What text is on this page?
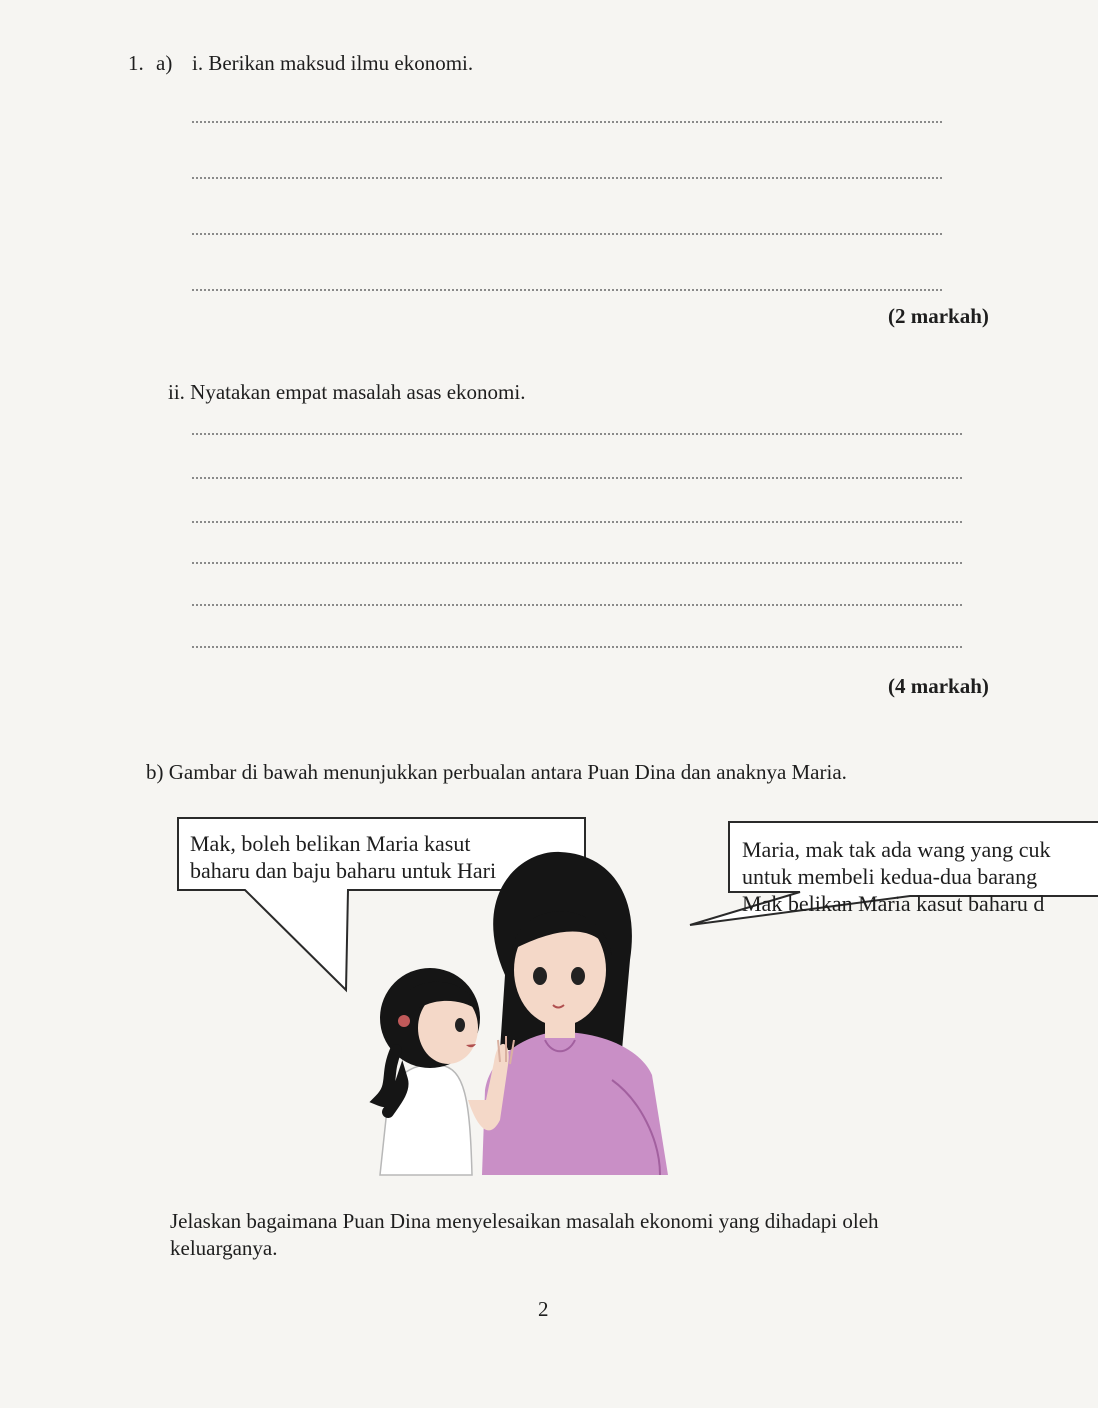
1. a) i. Berikan maksud ilmu ekonomi.
(2 markah)
ii. Nyatakan empat masalah asas ekonomi.
(4 markah)
b) Gambar di bawah menunjukkan perbualan antara Puan Dina dan anaknya Maria.
Mak, boleh belikan Maria kasut
baharu dan baju baharu untuk Hari
Maria, mak tak ada wang yang cuk
untuk membeli kedua-dua barang
Mak belikan Maria kasut baharu d
Jelaskan bagaimana Puan Dina menyelesaikan masalah ekonomi yang dihadapi oleh
keluarganya.
2
